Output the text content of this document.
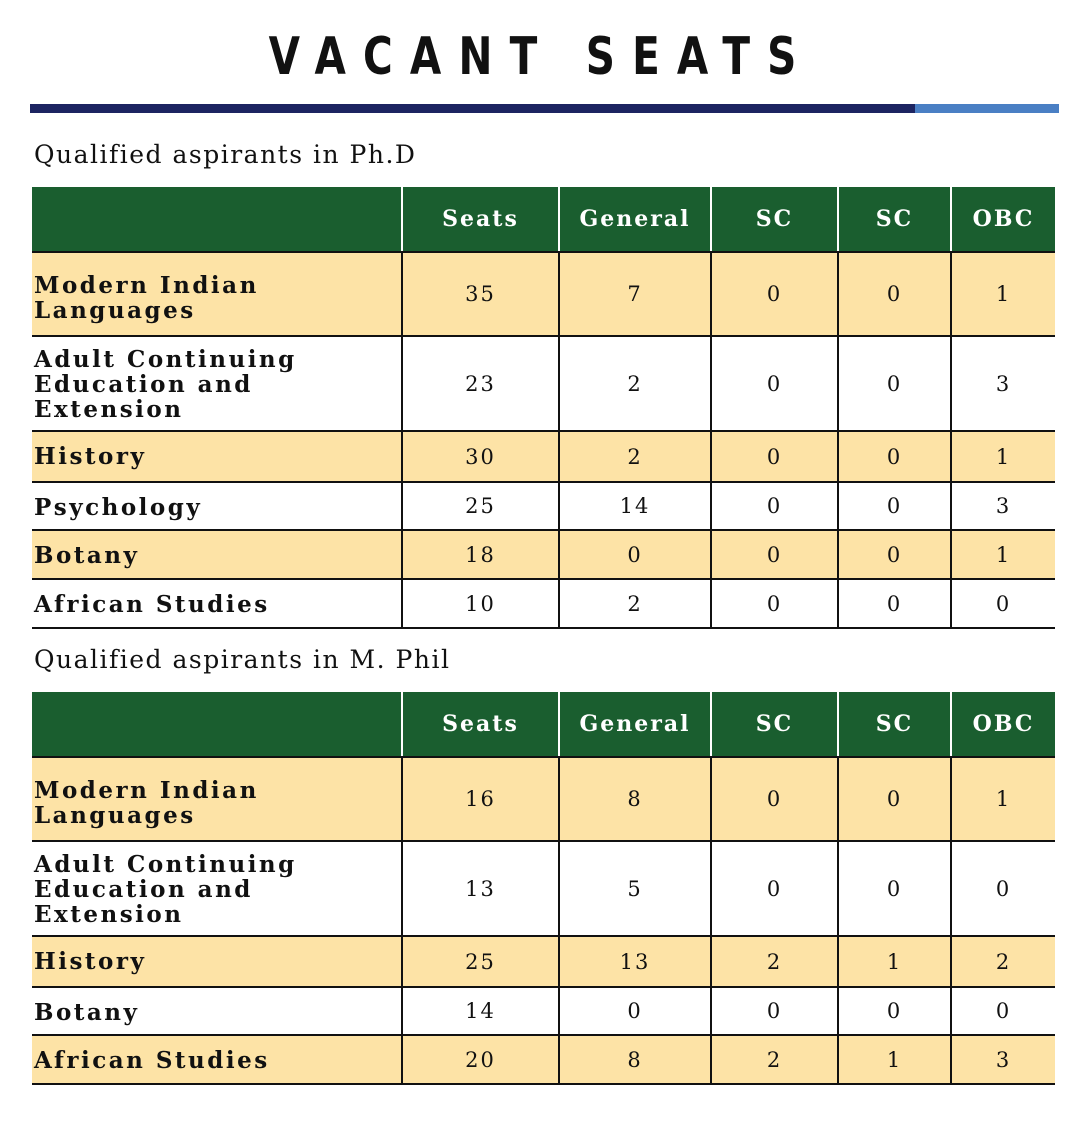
VACANT SEATS
Qualified aspirants in Ph.D
	Seats	General	SC	SC	OBC
Modern Indian Languages	35	7	0	0	1
Adult Continuing Education and Extension	23	2	0	0	3
History	30	2	0	0	1
Psychology	25	14	0	0	3
Botany	18	0	0	0	1
African Studies	10	2	0	0	0
Qualified aspirants in M. Phil
	Seats	General	SC	SC	OBC
Modern Indian Languages	16	8	0	0	1
Adult Continuing Education and Extension	13	5	0	0	0
History	25	13	2	1	2
Botany	14	0	0	0	0
African Studies	20	8	2	1	3
